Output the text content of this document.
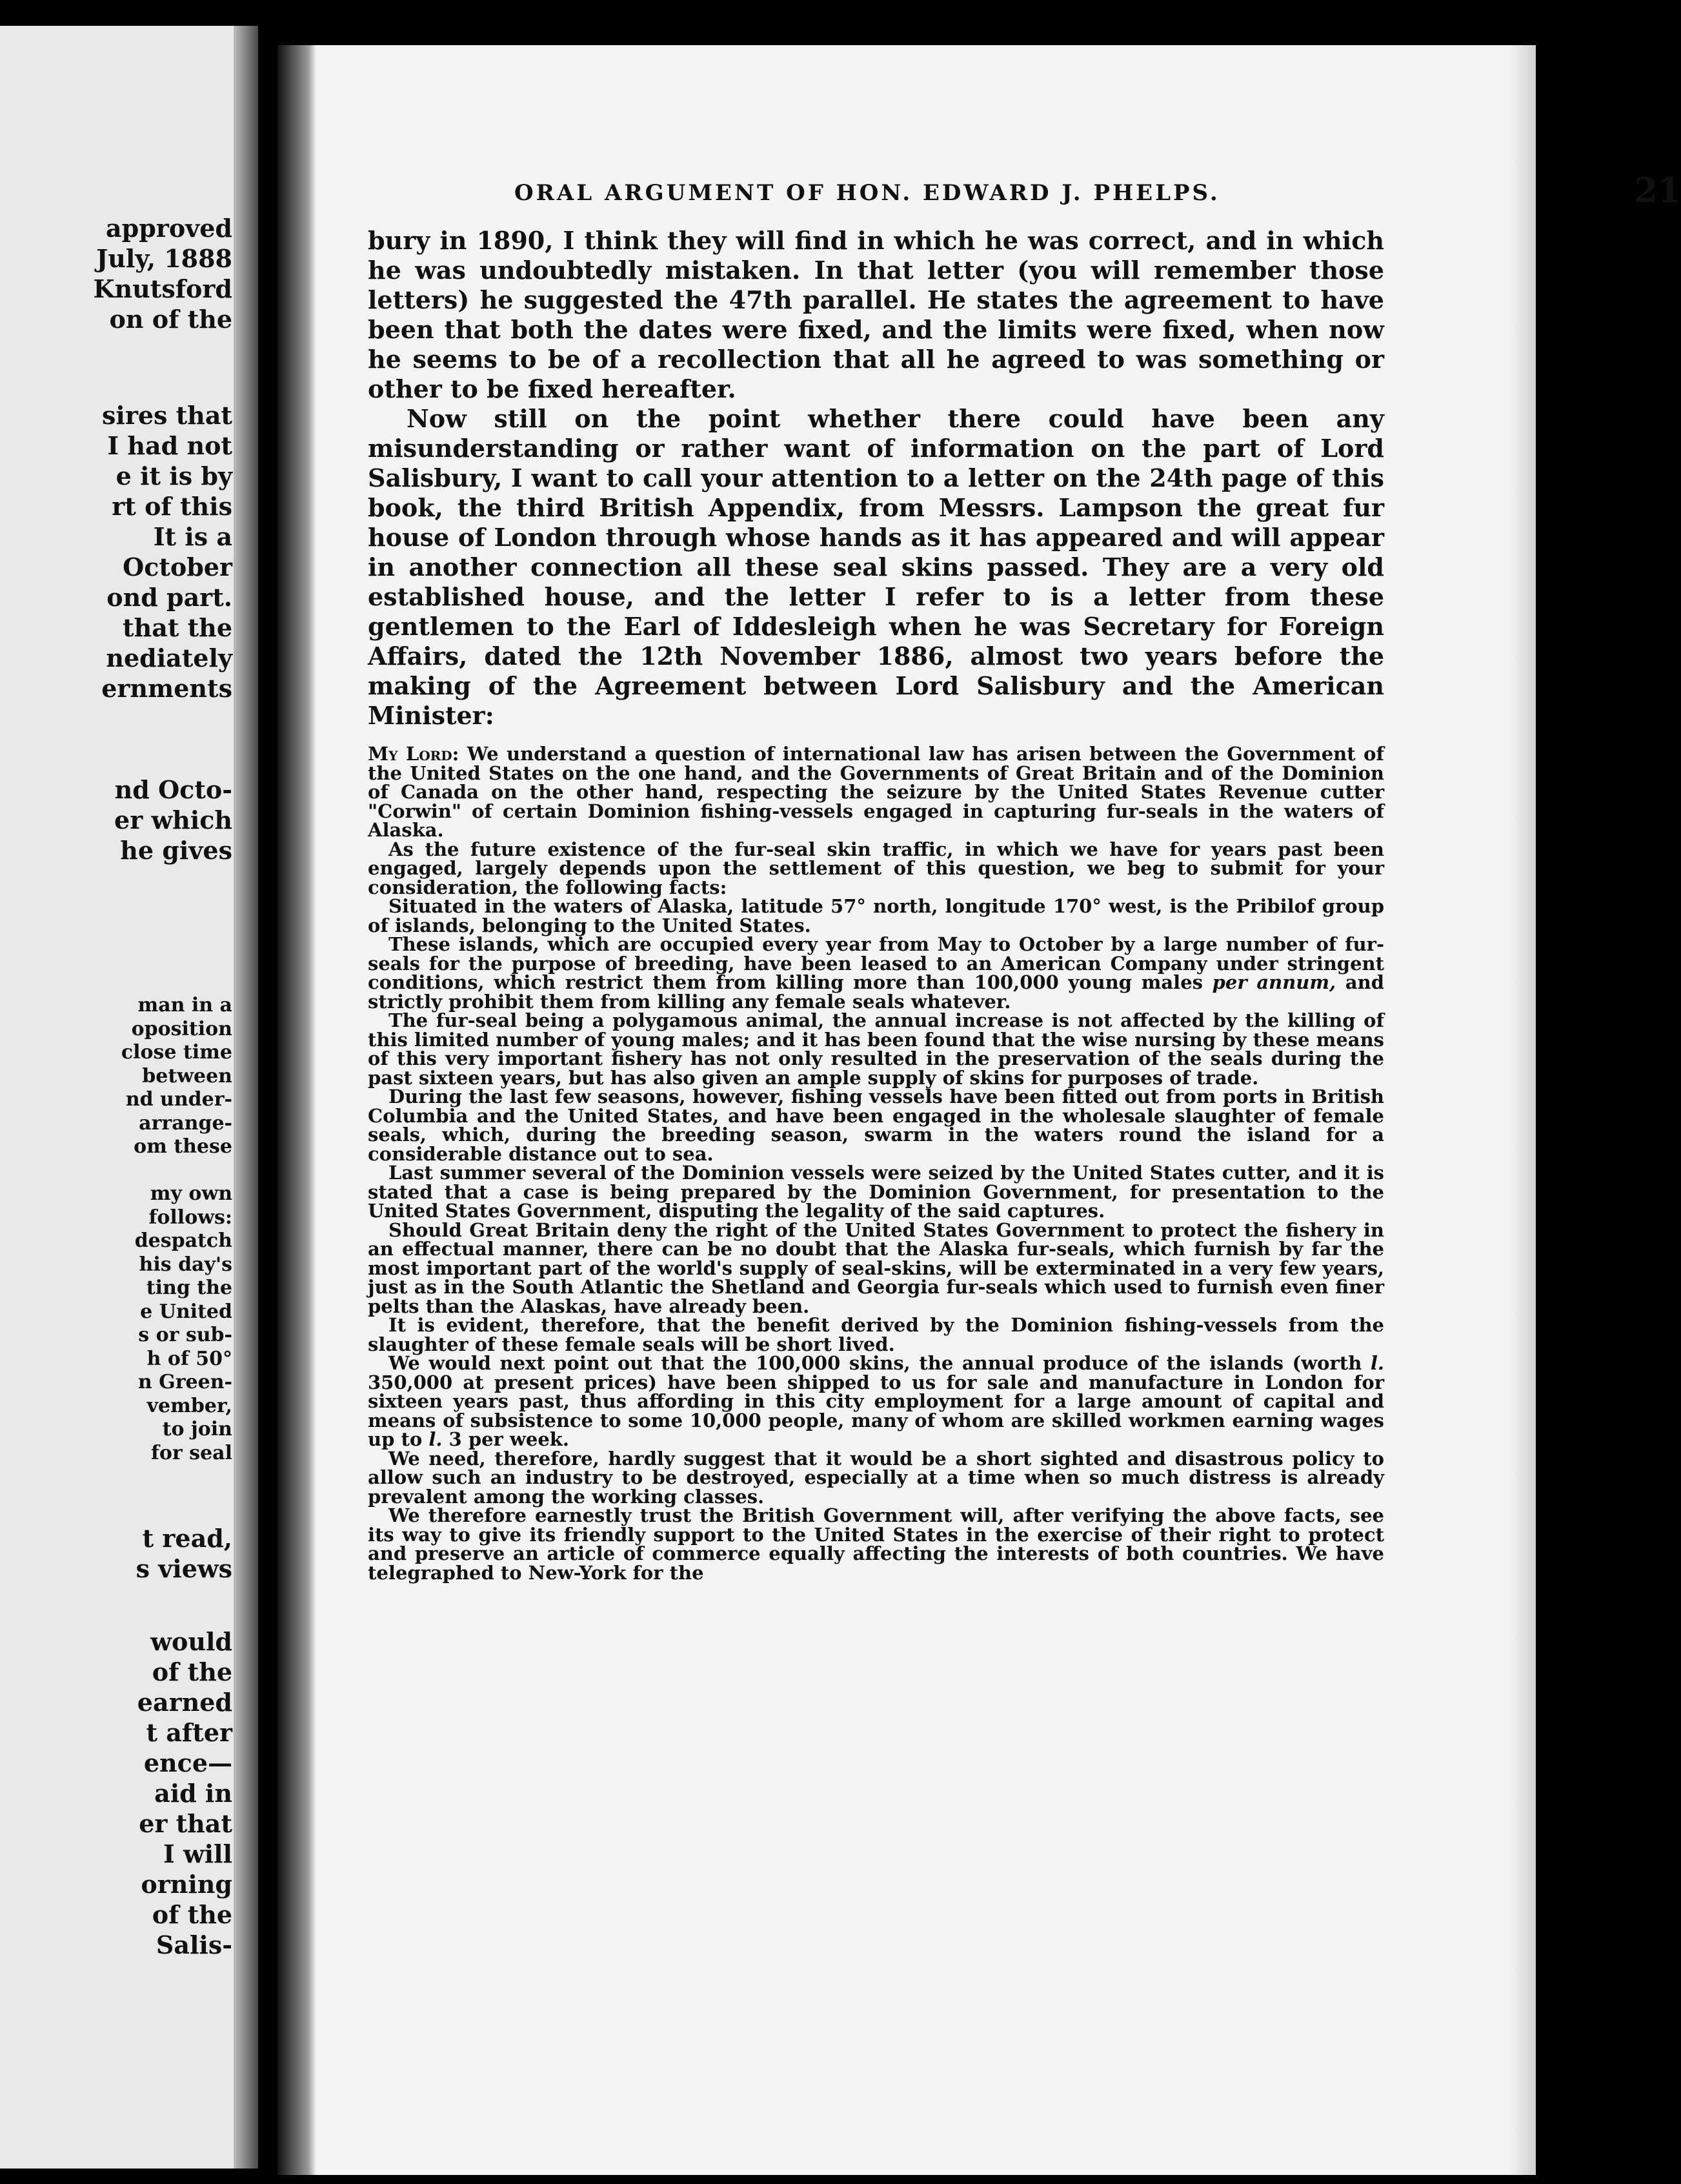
approved
July, 1888
Knutsford
on of the
sires that
I had not
e it is by
rt of this
It is a
October
ond part.
that the
nediately
ernments
nd Octo-
er which
he gives
man in a
oposition
close time
between
nd under-
arrange-
om these

my own
follows:
despatch
his day's
ting the
e United
s or sub-
h of 50°
n Green-
vember,
to join
for seal
t read,
s views
would
of the
earned
t after
ence—
aid in
er that
I will
orning
of the
Salis-
ORAL ARGUMENT OF HON. EDWARD J. PHELPS.	21

bury in 1890, I think they will find in which he was correct, and in which he was undoubtedly mistaken. In that letter (you will remember those letters) he suggested the 47th parallel. He states the agreement to have been that both the dates were fixed, and the limits were fixed, when now he seems to be of a recollection that all he agreed to was something or other to be fixed hereafter.

Now still on the point whether there could have been any misunderstanding or rather want of information on the part of Lord Salisbury, I want to call your attention to a letter on the 24th page of this book, the third British Appendix, from Messrs. Lampson the great fur house of London through whose hands as it has appeared and will appear in another connection all these seal skins passed. They are a very old established house, and the letter I refer to is a letter from these gentlemen to the Earl of Iddesleigh when he was Secretary for Foreign Affairs, dated the 12th November 1886, almost two years before the making of the Agreement between Lord Salisbury and the American Minister:

My Lord: We understand a question of international law has arisen between the Government of the United States on the one hand, and the Governments of Great Britain and of the Dominion of Canada on the other hand, respecting the seizure by the United States Revenue cutter "Corwin" of certain Dominion fishing-vessels engaged in capturing fur-seals in the waters of Alaska.

As the future existence of the fur-seal skin traffic, in which we have for years past been engaged, largely depends upon the settlement of this question, we beg to submit for your consideration, the following facts:

Situated in the waters of Alaska, latitude 57° north, longitude 170° west, is the Pribilof group of islands, belonging to the United States.

These islands, which are occupied every year from May to October by a large number of fur-seals for the purpose of breeding, have been leased to an American Company under stringent conditions, which restrict them from killing more than 100,000 young males per annum, and strictly prohibit them from killing any female seals whatever.

The fur-seal being a polygamous animal, the annual increase is not affected by the killing of this limited number of young males; and it has been found that the wise nursing by these means of this very important fishery has not only resulted in the preservation of the seals during the past sixteen years, but has also given an ample supply of skins for purposes of trade.

During the last few seasons, however, fishing vessels have been fitted out from ports in British Columbia and the United States, and have been engaged in the wholesale slaughter of female seals, which, during the breeding season, swarm in the waters round the island for a considerable distance out to sea.

Last summer several of the Dominion vessels were seized by the United States cutter, and it is stated that a case is being prepared by the Dominion Government, for presentation to the United States Government, disputing the legality of the said captures.

Should Great Britain deny the right of the United States Government to protect the fishery in an effectual manner, there can be no doubt that the Alaska fur-seals, which furnish by far the most important part of the world's supply of seal-skins, will be exterminated in a very few years, just as in the South Atlantic the Shetland and Georgia fur-seals which used to furnish even finer pelts than the Alaskas, have already been.

It is evident, therefore, that the benefit derived by the Dominion fishing-vessels from the slaughter of these female seals will be short lived.

We would next point out that the 100,000 skins, the annual produce of the islands (worth l. 350,000 at present prices) have been shipped to us for sale and manufacture in London for sixteen years past, thus affording in this city employment for a large amount of capital and means of subsistence to some 10,000 people, many of whom are skilled workmen earning wages up to l. 3 per week.

We need, therefore, hardly suggest that it would be a short sighted and disastrous policy to allow such an industry to be destroyed, especially at a time when so much distress is already prevalent among the working classes.

We therefore earnestly trust the British Government will, after verifying the above facts, see its way to give its friendly support to the United States in the exercise of their right to protect and preserve an article of commerce equally affecting the interests of both countries. We have telegraphed to New-York for the
